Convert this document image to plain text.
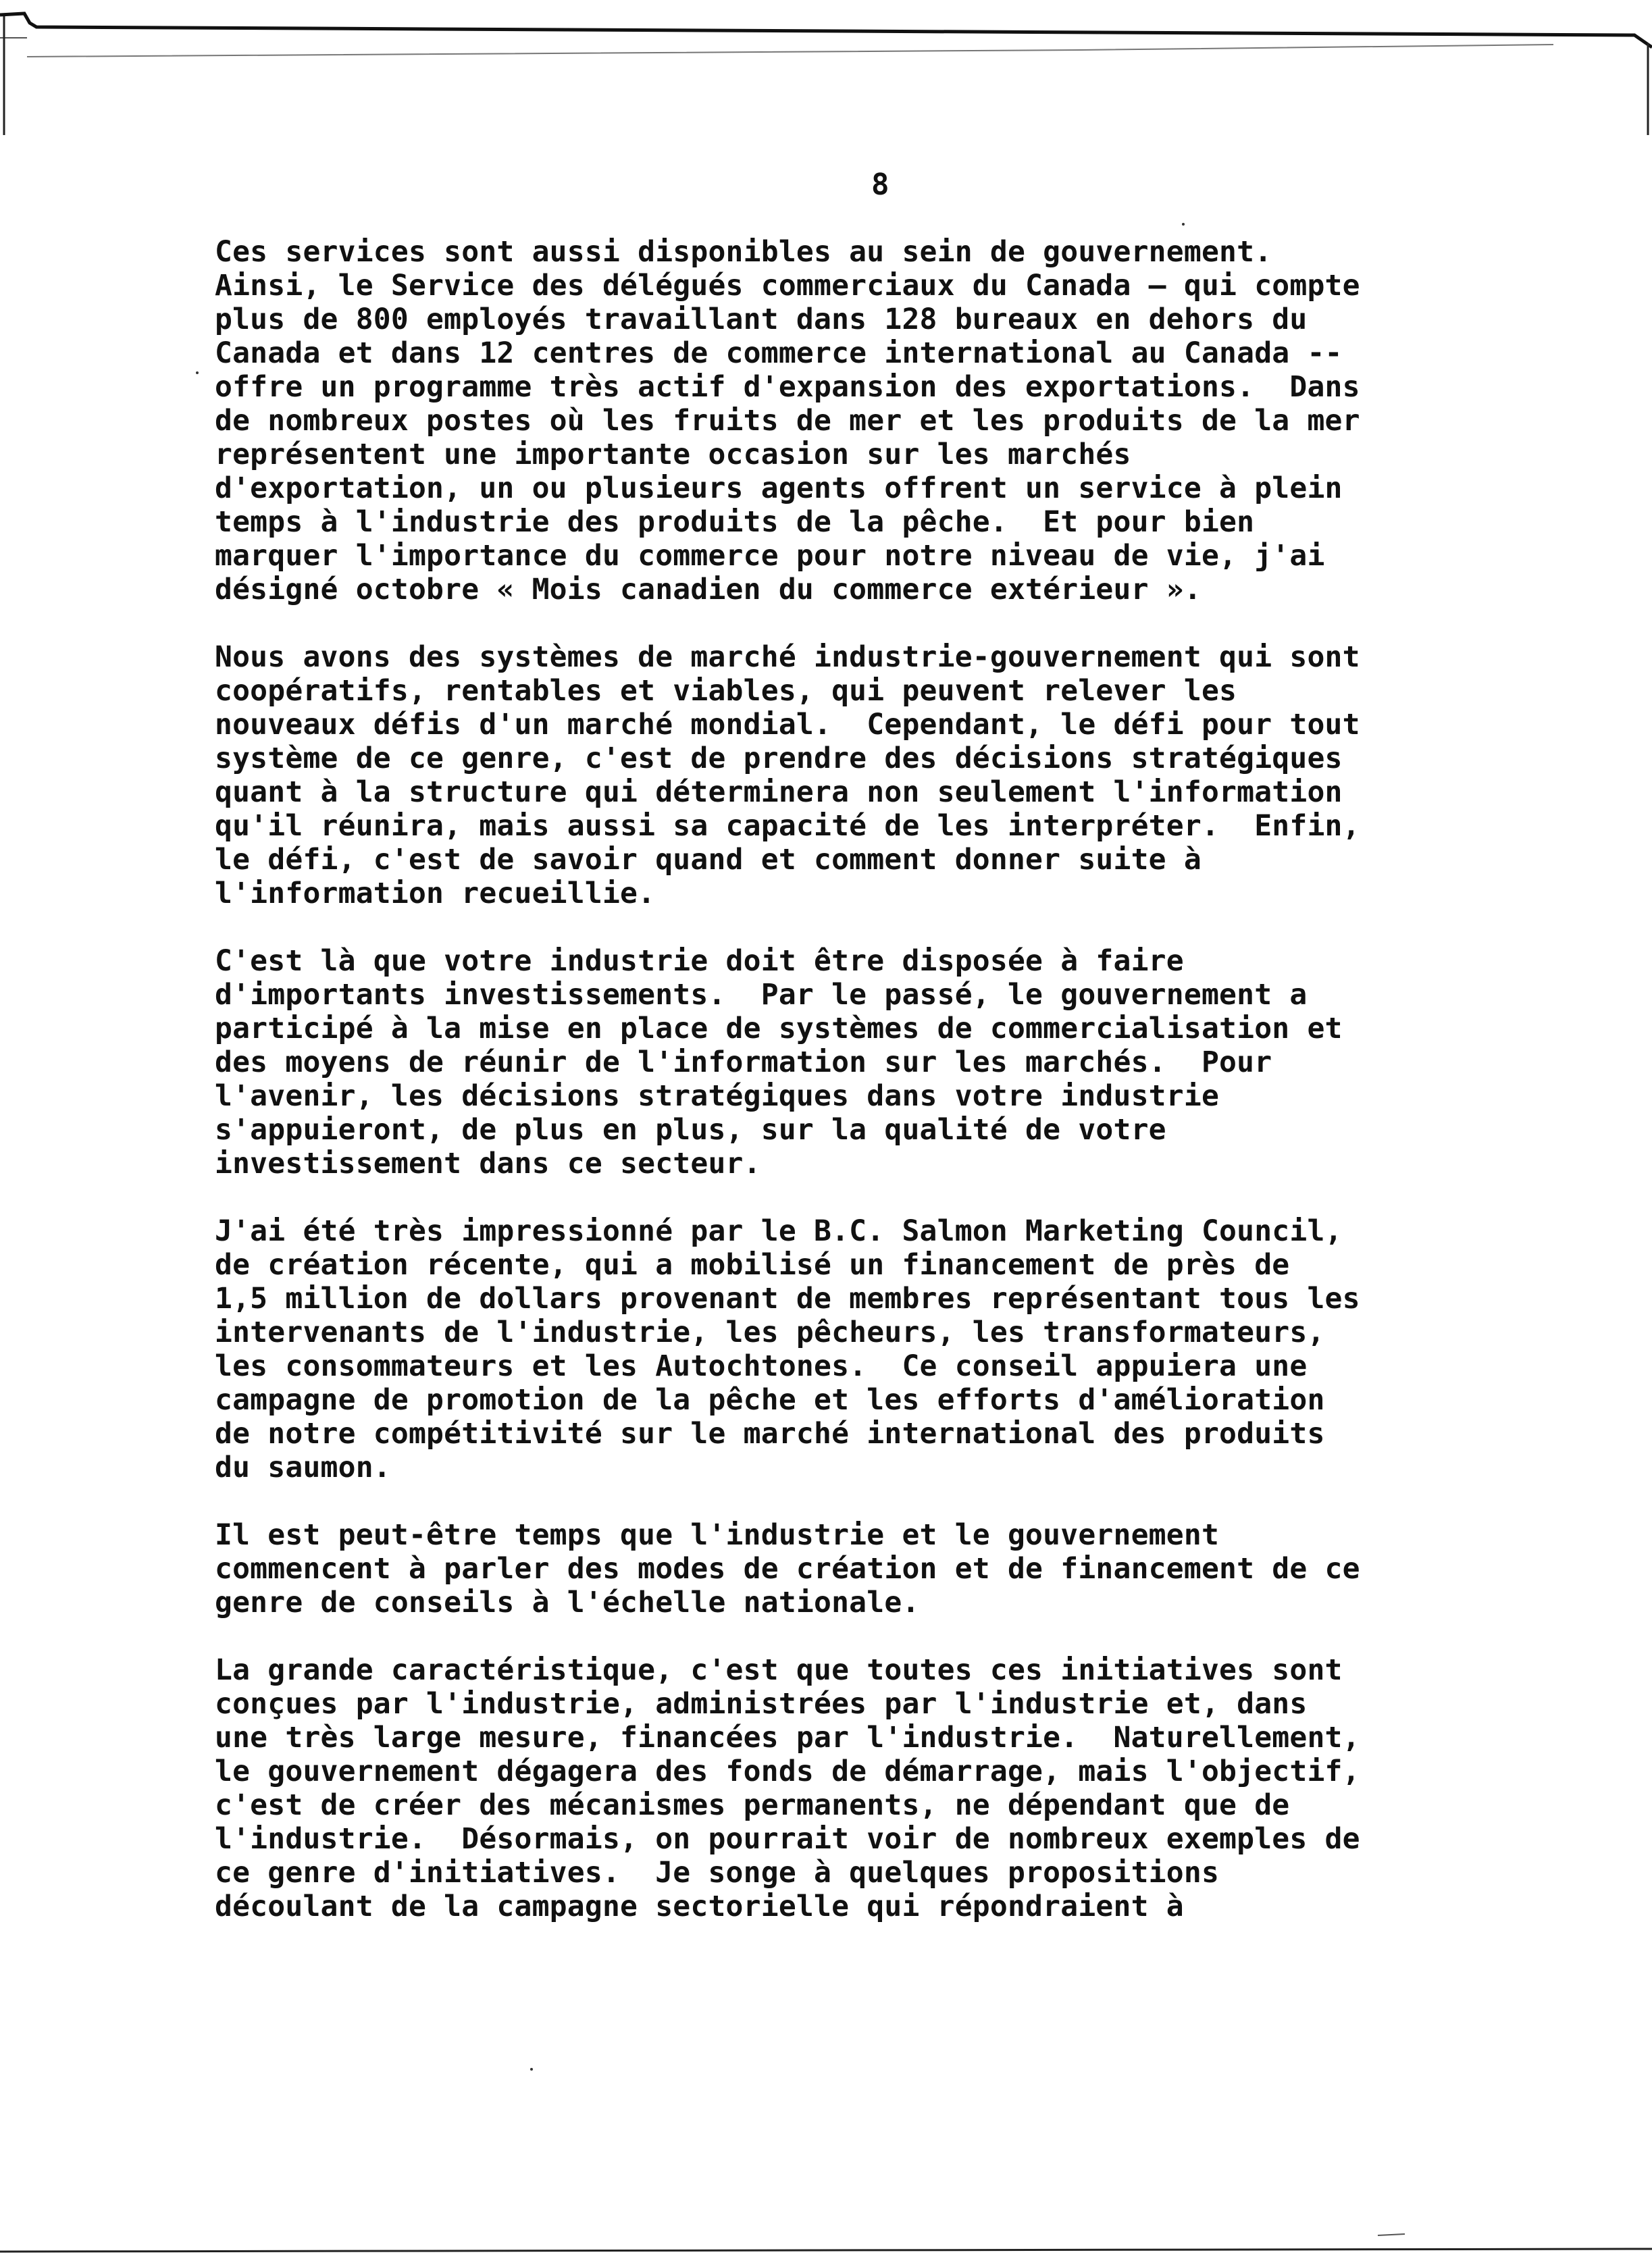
8
Ces services sont aussi disponibles au sein de gouvernement.
Ainsi, le Service des délégués commerciaux du Canada – qui compte
plus de 800 employés travaillant dans 128 bureaux en dehors du
Canada et dans 12 centres de commerce international au Canada --
offre un programme très actif d'expansion des exportations.  Dans
de nombreux postes où les fruits de mer et les produits de la mer
représentent une importante occasion sur les marchés
d'exportation, un ou plusieurs agents offrent un service à plein
temps à l'industrie des produits de la pêche.  Et pour bien
marquer l'importance du commerce pour notre niveau de vie, j'ai
désigné octobre « Mois canadien du commerce extérieur ».
Nous avons des systèmes de marché industrie-gouvernement qui sont
coopératifs, rentables et viables, qui peuvent relever les
nouveaux défis d'un marché mondial.  Cependant, le défi pour tout
système de ce genre, c'est de prendre des décisions stratégiques
quant à la structure qui déterminera non seulement l'information
qu'il réunira, mais aussi sa capacité de les interpréter.  Enfin,
le défi, c'est de savoir quand et comment donner suite à
l'information recueillie.
C'est là que votre industrie doit être disposée à faire
d'importants investissements.  Par le passé, le gouvernement a
participé à la mise en place de systèmes de commercialisation et
des moyens de réunir de l'information sur les marchés.  Pour
l'avenir, les décisions stratégiques dans votre industrie
s'appuieront, de plus en plus, sur la qualité de votre
investissement dans ce secteur.
J'ai été très impressionné par le B.C. Salmon Marketing Council,
de création récente, qui a mobilisé un financement de près de
1,5 million de dollars provenant de membres représentant tous les
intervenants de l'industrie, les pêcheurs, les transformateurs,
les consommateurs et les Autochtones.  Ce conseil appuiera une
campagne de promotion de la pêche et les efforts d'amélioration
de notre compétitivité sur le marché international des produits
du saumon.
Il est peut-être temps que l'industrie et le gouvernement
commencent à parler des modes de création et de financement de ce
genre de conseils à l'échelle nationale.
La grande caractéristique, c'est que toutes ces initiatives sont
conçues par l'industrie, administrées par l'industrie et, dans
une très large mesure, financées par l'industrie.  Naturellement,
le gouvernement dégagera des fonds de démarrage, mais l'objectif,
c'est de créer des mécanismes permanents, ne dépendant que de
l'industrie.  Désormais, on pourrait voir de nombreux exemples de
ce genre d'initiatives.  Je songe à quelques propositions
découlant de la campagne sectorielle qui répondraient à
